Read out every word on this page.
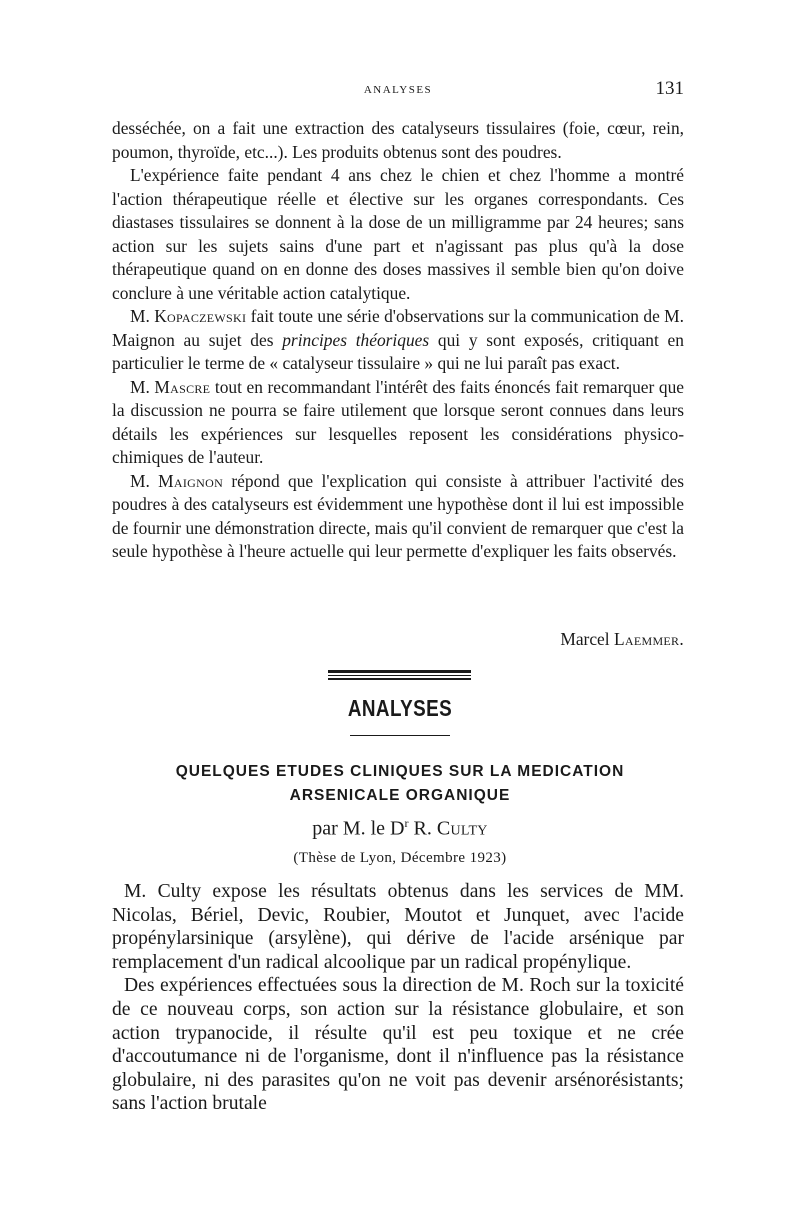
ANALYSES	131

desséchée, on a fait une extraction des catalyseurs tissulaires (foie, cœur, rein, poumon, thyroïde, etc...). Les produits obtenus sont des poudres.

L'expérience faite pendant 4 ans chez le chien et chez l'homme a montré l'action thérapeutique réelle et élective sur les organes correspondants. Ces diastases tissulaires se donnent à la dose de un milligramme par 24 heures; sans action sur les sujets sains d'une part et n'agissant pas plus qu'à la dose thérapeutique quand on en donne des doses massives il semble bien qu'on doive conclure à une véritable action catalytique.

M. Kopaczewski fait toute une série d'observations sur la communication de M. Maignon au sujet des principes théoriques qui y sont exposés, critiquant en particulier le terme de « catalyseur tissulaire » qui ne lui paraît pas exact.

M. Mascre tout en recommandant l'intérêt des faits énoncés fait remarquer que la discussion ne pourra se faire utilement que lorsque seront connues dans leurs détails les expériences sur lesquelles reposent les considérations physico-chimiques de l'auteur.

M. Maignon répond que l'explication qui consiste à attribuer l'activité des poudres à des catalyseurs est évidemment une hypothèse dont il lui est impossible de fournir une démonstration directe, mais qu'il convient de remarquer que c'est la seule hypothèse à l'heure actuelle qui leur permette d'expliquer les faits observés.

Marcel Laemmer.
ANALYSES
QUELQUES ETUDES CLINIQUES SUR LA MEDICATION
ARSENICALE ORGANIQUE
par M. le $D^r$ R. Culty
(Thèse de Lyon, Décembre 1923)

M. Culty expose les résultats obtenus dans les services de MM. Nicolas, Bériel, Devic, Roubier, Moutot et Junquet, avec l'acide propénylarsinique (arsylène), qui dérive de l'acide arsénique par remplacement d'un radical alcoolique par un radical propénylique.

Des expériences effectuées sous la direction de M. Roch sur la toxicité de ce nouveau corps, son action sur la résistance globulaire, et son action trypanocide, il résulte qu'il est peu toxique et ne crée d'accoutumance ni de l'organisme, dont il n'influence pas la résistance globulaire, ni des parasites qu'on ne voit pas devenir arsénorésistants; sans l'action brutale
